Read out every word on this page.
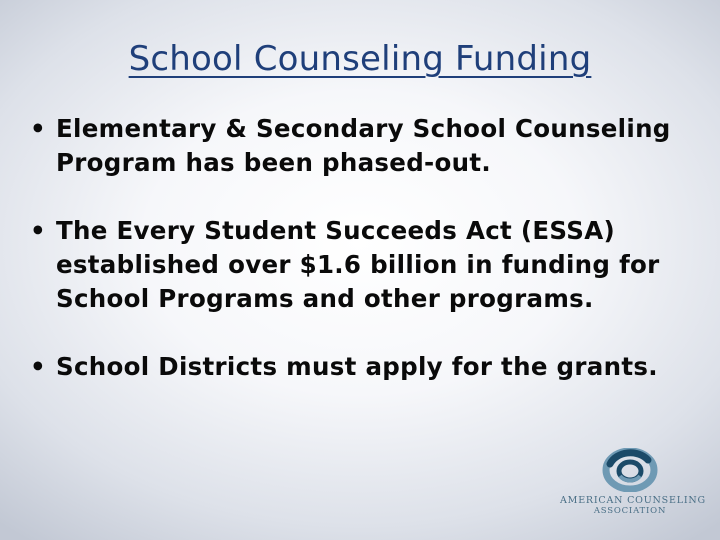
School Counseling Funding
• Elementary & Secondary School Counseling Program has been phased-out.
• The Every Student Succeeds Act (ESSA) established over $1.6 billion in funding for School Programs and other programs.
• School Districts must apply for the grants.
AMERICAN COUNSELING
ASSOCIATION
